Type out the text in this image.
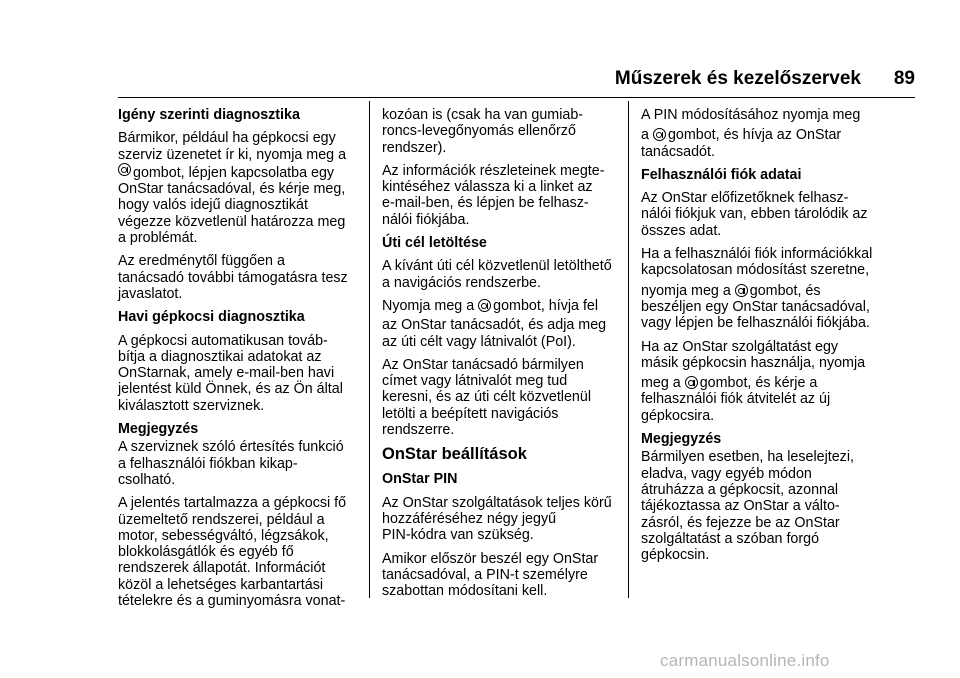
Műszerek és kezelőszervek 89
Igény szerinti diagnosztika
Bármikor, például ha gépkocsi egy
szerviz üzenetet ír ki, nyomja meg a
gombot, lépjen kapcsolatba egy
OnStar tanácsadóval, és kérje meg,
hogy valós idejű diagnosztikát
végezze közvetlenül határozza meg
a problémát.
Az eredménytől függően a
tanácsadó további támogatásra tesz
javaslatot.
Havi gépkocsi diagnosztika
A gépkocsi automatikusan továb-
bítja a diagnosztikai adatokat az
OnStarnak, amely e-mail-ben havi
jelentést küld Önnek, és az Ön által
kiválasztott szerviznek.
Megjegyzés
A szerviznek szóló értesítés funkció
a felhasználói fiókban kikap-
csolható.
A jelentés tartalmazza a gépkocsi fő
üzemeltető rendszerei, például a
motor, sebességváltó, légzsákok,
blokkolásgátlók és egyéb fő
rendszerek állapotát. Információt
közöl a lehetséges karbantartási
tételekre és a guminyomásra vonat-
kozóan is (csak ha van gumiab-
roncs-levegőnyomás ellenőrző
rendszer).
Az információk részleteinek megte-
kintéséhez válassza ki a linket az
e-mail-ben, és lépjen be felhasz-
nálói fiókjába.
Úti cél letöltése
A kívánt úti cél közvetlenül letölthető
a navigációs rendszerbe.
Nyomja meg a gombot, hívja fel
az OnStar tanácsadót, és adja meg
az úti célt vagy látnivalót (PoI).
Az OnStar tanácsadó bármilyen
címet vagy látnivalót meg tud
keresni, és az úti célt közvetlenül
letölti a beépített navigációs
rendszerre.
OnStar beállítások
OnStar PIN
Az OnStar szolgáltatások teljes körű
hozzáféréséhez négy jegyű
PIN-kódra van szükség.
Amikor először beszél egy OnStar
tanácsadóval, a PIN-t személyre
szabottan módosítani kell.
A PIN módosításához nyomja meg
a gombot, és hívja az OnStar
tanácsadót.
Felhasználói fiók adatai
Az OnStar előfizetőknek felhasz-
nálói fiókjuk van, ebben tárolódik az
összes adat.
Ha a felhasználói fiók információkkal
kapcsolatosan módosítást szeretne,
nyomja meg a gombot, és
beszéljen egy OnStar tanácsadóval,
vagy lépjen be felhasználói fiókjába.
Ha az OnStar szolgáltatást egy
másik gépkocsin használja, nyomja
meg a gombot, és kérje a
felhasználói fiók átvitelét az új
gépkocsira.
Megjegyzés
Bármilyen esetben, ha leselejtezi,
eladva, vagy egyéb módon
átruházza a gépkocsit, azonnal
tájékoztassa az OnStar a válto-
zásról, és fejezze be az OnStar
szolgáltatást a szóban forgó
gépkocsin.
carmanualsonline.info
